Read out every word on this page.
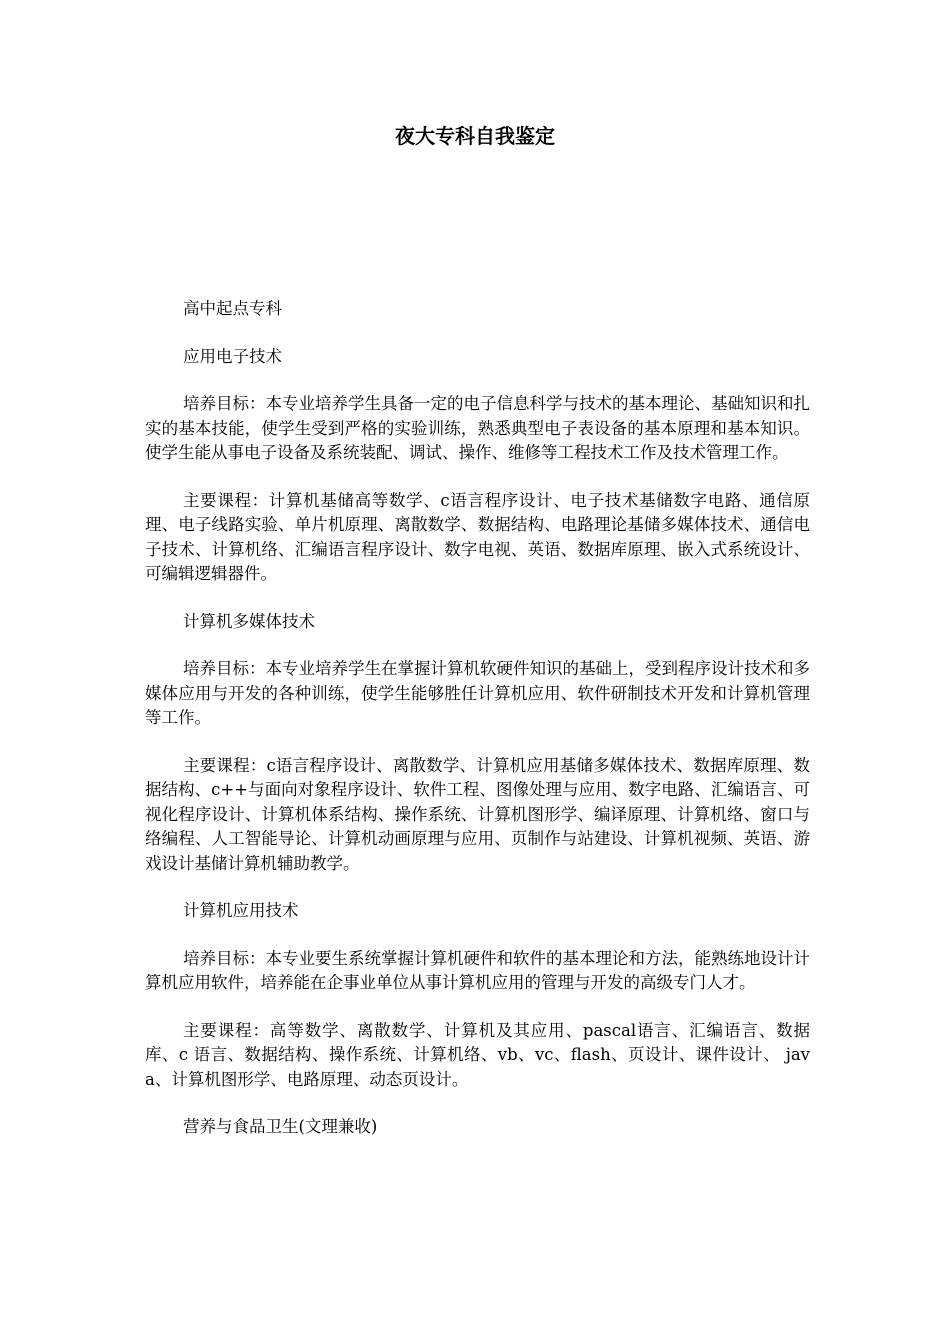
夜大专科自我鉴定

高中起点专科

应用电子技术

培养目标：本专业培养学生具备一定的电子信息科学与技术的基本理论、基础知识和扎实的基本技能，使学生受到严格的实验训练，熟悉典型电子表设备的基本原理和基本知识。使学生能从事电子设备及系统装配、调试、操作、维修等工程技术工作及技术管理工作。

主要课程：计算机基储高等数学、c语言程序设计、电子技术基储数字电路、通信原理、电子线路实验、单片机原理、离散数学、数据结构、电路理论基储多媒体技术、通信电子技术、计算机络、汇编语言程序设计、数字电视、英语、数据库原理、嵌入式系统设计、可编辑逻辑器件。

计算机多媒体技术

培养目标：本专业培养学生在掌握计算机软硬件知识的基础上，受到程序设计技术和多媒体应用与开发的各种训练，使学生能够胜任计算机应用、软件研制技术开发和计算机管理等工作。

主要课程：c语言程序设计、离散数学、计算机应用基储多媒体技术、数据库原理、数据结构、c++与面向对象程序设计、软件工程、图像处理与应用、数字电路、汇编语言、可视化程序设计、计算机体系结构、操作系统、计算机图形学、编译原理、计算机络、窗口与络编程、人工智能导论、计算机动画原理与应用、页制作与站建设、计算机视频、英语、游戏设计基储计算机辅助教学。

计算机应用技术

培养目标：本专业要生系统掌握计算机硬件和软件的基本理论和方法，能熟练地设计计算机应用软件，培养能在企事业单位从事计算机应用的管理与开发的高级专门人才。

主要课程：高等数学、离散数学、计算机及其应用、pascal语言、汇编语言、数据库、c 语言、数据结构、操作系统、计算机络、vb、vc、flash、页设计、课件设计、 java、计算机图形学、电路原理、动态页设计。

营养与食品卫生(文理兼收)
